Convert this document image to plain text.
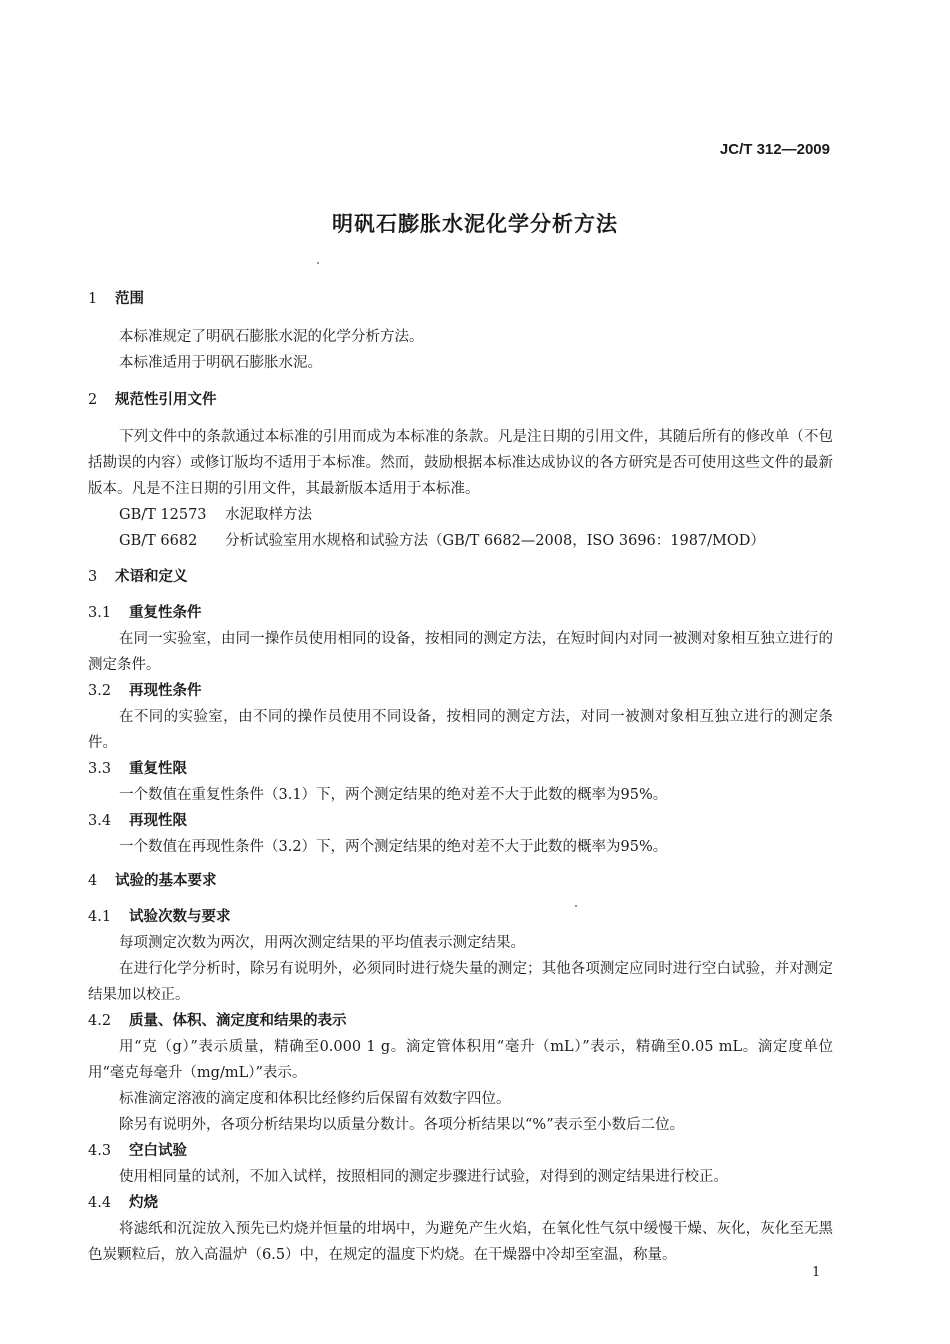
JC/T 312—2009
明矾石膨胀水泥化学分析方法
1 范围
本标准规定了明矾石膨胀水泥的化学分析方法。
本标准适用于明矾石膨胀水泥。
2 规范性引用文件
下列文件中的条款通过本标准的引用而成为本标准的条款。凡是注日期的引用文件，其随后所有的修改单（不包括勘误的内容）或修订版均不适用于本标准。然而，鼓励根据本标准达成协议的各方研究是否可使用这些文件的最新版本。凡是不注日期的引用文件，其最新版本适用于本标准。
GB/T 12573 水泥取样方法
GB/T 6682 分析试验室用水规格和试验方法（GB/T 6682—2008，ISO 3696：1987/MOD）
3 术语和定义
3.1 重复性条件
在同一实验室，由同一操作员使用相同的设备，按相同的测定方法，在短时间内对同一被测对象相互独立进行的测定条件。
3.2 再现性条件
在不同的实验室，由不同的操作员使用不同设备，按相同的测定方法，对同一被测对象相互独立进行的测定条件。
3.3 重复性限
一个数值在重复性条件（3.1）下，两个测定结果的绝对差不大于此数的概率为95%。
3.4 再现性限
一个数值在再现性条件（3.2）下，两个测定结果的绝对差不大于此数的概率为95%。
4 试验的基本要求
4.1 试验次数与要求
每项测定次数为两次，用两次测定结果的平均值表示测定结果。
在进行化学分析时，除另有说明外，必须同时进行烧失量的测定；其他各项测定应同时进行空白试验，并对测定结果加以校正。
4.2 质量、体积、滴定度和结果的表示
用“克（g）”表示质量，精确至0.000 1 g。滴定管体积用“毫升（mL）”表示，精确至0.05 mL。滴定度单位用“毫克每毫升（mg/mL）”表示。
标准滴定溶液的滴定度和体积比经修约后保留有效数字四位。
除另有说明外，各项分析结果均以质量分数计。各项分析结果以“%”表示至小数后二位。
4.3 空白试验
使用相同量的试剂，不加入试样，按照相同的测定步骤进行试验，对得到的测定结果进行校正。
4.4 灼烧
将滤纸和沉淀放入预先已灼烧并恒量的坩埚中，为避免产生火焰，在氧化性气氛中缓慢干燥、灰化，灰化至无黑色炭颗粒后，放入高温炉（6.5）中，在规定的温度下灼烧。在干燥器中冷却至室温，称量。
1
